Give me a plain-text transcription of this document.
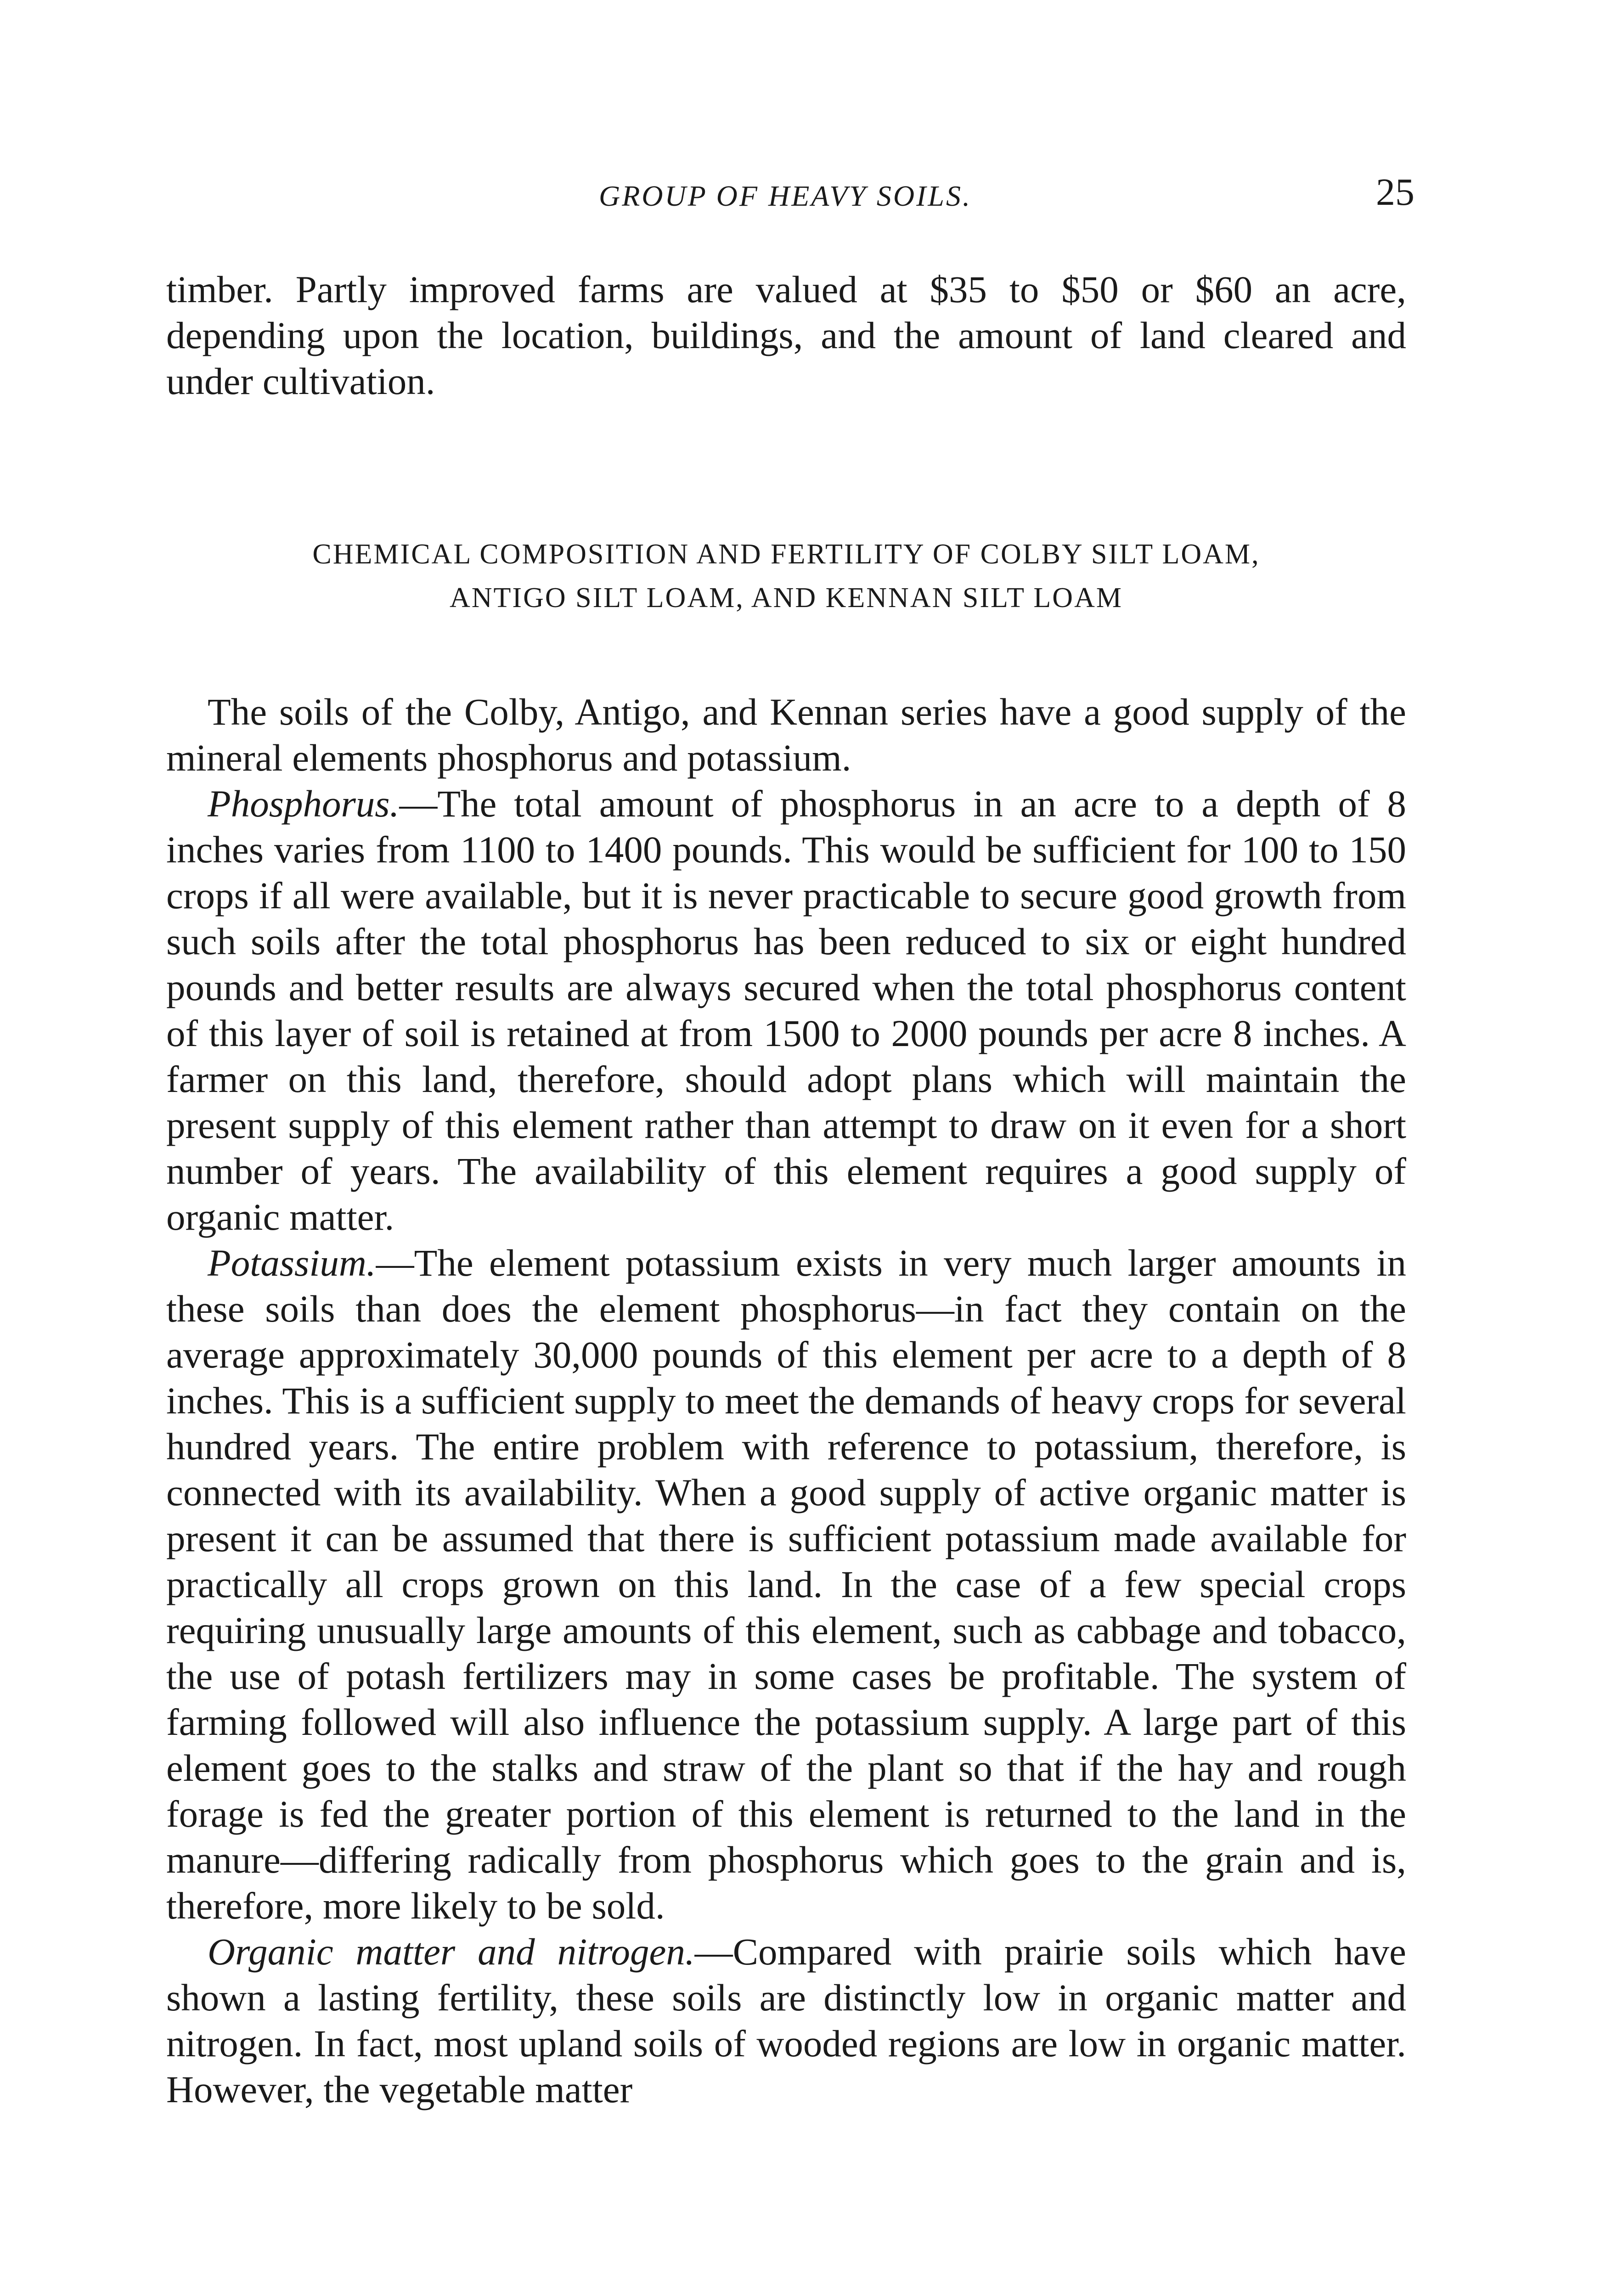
GROUP OF HEAVY SOILS.	25

timber. Partly improved farms are valued at $35 to $50 or $60 an acre, depending upon the location, buildings, and the amount of land cleared and under cultivation.

CHEMICAL COMPOSITION AND FERTILITY OF COLBY SILT LOAM,
ANTIGO SILT LOAM, AND KENNAN SILT LOAM

The soils of the Colby, Antigo, and Kennan series have a good supply of the mineral elements phosphorus and potassium.

Phosphorus.—The total amount of phosphorus in an acre to a depth of 8 inches varies from 1100 to 1400 pounds. This would be sufficient for 100 to 150 crops if all were available, but it is never practicable to secure good growth from such soils after the total phosphorus has been reduced to six or eight hundred pounds and better results are always secured when the total phosphorus content of this layer of soil is retained at from 1500 to 2000 pounds per acre 8 inches. A farmer on this land, therefore, should adopt plans which will maintain the present supply of this element rather than attempt to draw on it even for a short number of years. The availability of this element requires a good supply of organic matter.

Potassium.—The element potassium exists in very much larger amounts in these soils than does the element phosphorus—in fact they contain on the average approximately 30,000 pounds of this element per acre to a depth of 8 inches. This is a sufficient supply to meet the demands of heavy crops for several hundred years. The entire problem with reference to potassium, therefore, is connected with its availability. When a good supply of active organic matter is present it can be assumed that there is sufficient potassium made available for practically all crops grown on this land. In the case of a few special crops requiring unusually large amounts of this element, such as cabbage and tobacco, the use of potash fertilizers may in some cases be profitable. The system of farming followed will also influence the potassium supply. A large part of this element goes to the stalks and straw of the plant so that if the hay and rough forage is fed the greater portion of this element is returned to the land in the manure—differing radically from phosphorus which goes to the grain and is, therefore, more likely to be sold.

Organic matter and nitrogen.—Compared with prairie soils which have shown a lasting fertility, these soils are distinctly low in organic matter and nitrogen. In fact, most upland soils of wooded regions are low in organic matter. However, the vegetable matter
